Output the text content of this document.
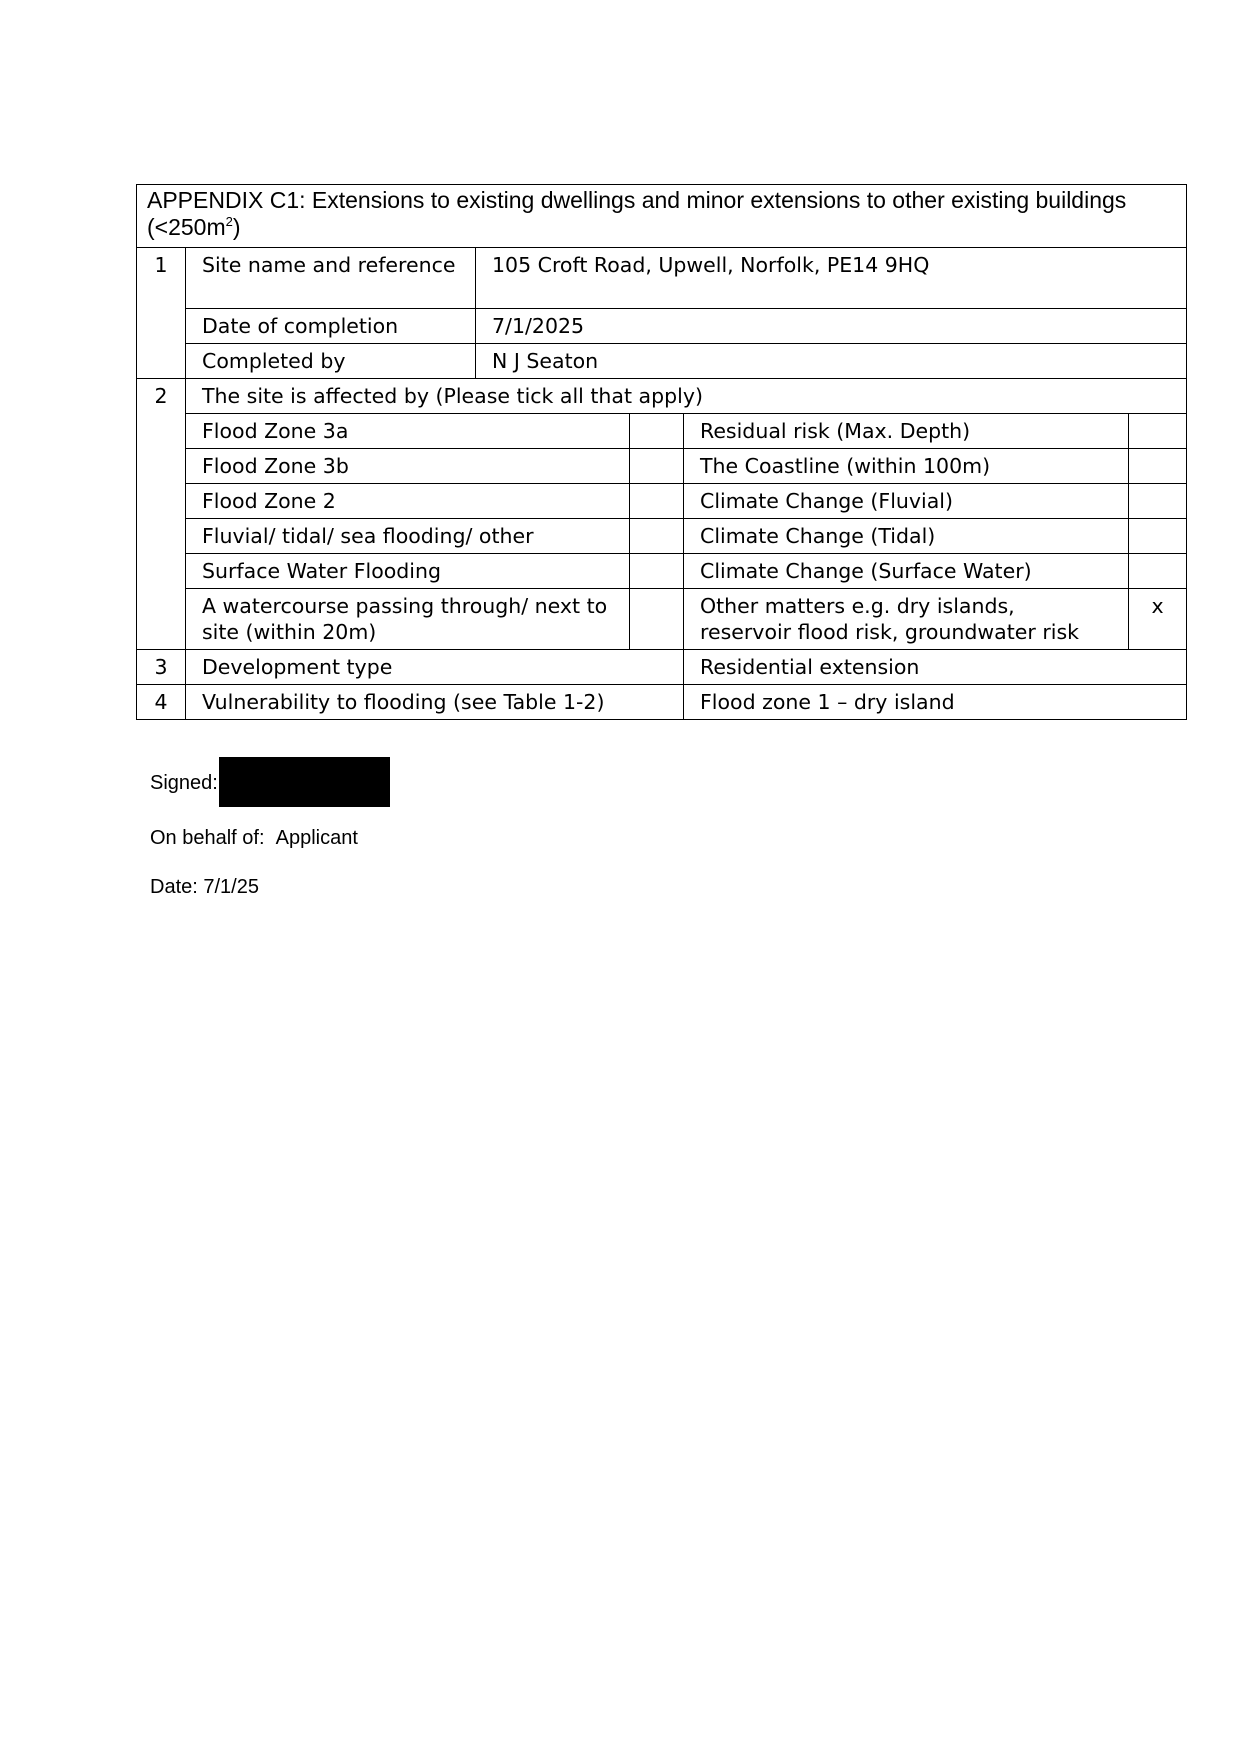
APPENDIX C1: Extensions to existing dwellings and minor extensions to other existing buildings $(<250m^2)$					
1	Site name and reference	105 Croft Road, Upwell, Norfolk, PE14 9HQ			
	Date of completion	7/1/2025			
	Completed by	N J Seaton			
2	The site is affected by (Please tick all that apply)				
	Flood Zone 3a			Residual risk (Max. Depth)	
	Flood Zone 3b			The Coastline (within 100m)	
	Flood Zone 2			Climate Change (Fluvial)	
	Fluvial/ tidal/ sea flooding/ other			Climate Change (Tidal)	
	Surface Water Flooding			Climate Change (Surface Water)	
	A watercourse passing through/ next to site (within 20m)			Other matters e.g. dry islands, reservoir flood risk, groundwater risk	x
3	Development type			Residential extension	
4	Vulnerability to flooding (see Table 1-2)			Flood zone 1 – dry island	
Signed:
On behalf of: Applicant
Date: 7/1/25
